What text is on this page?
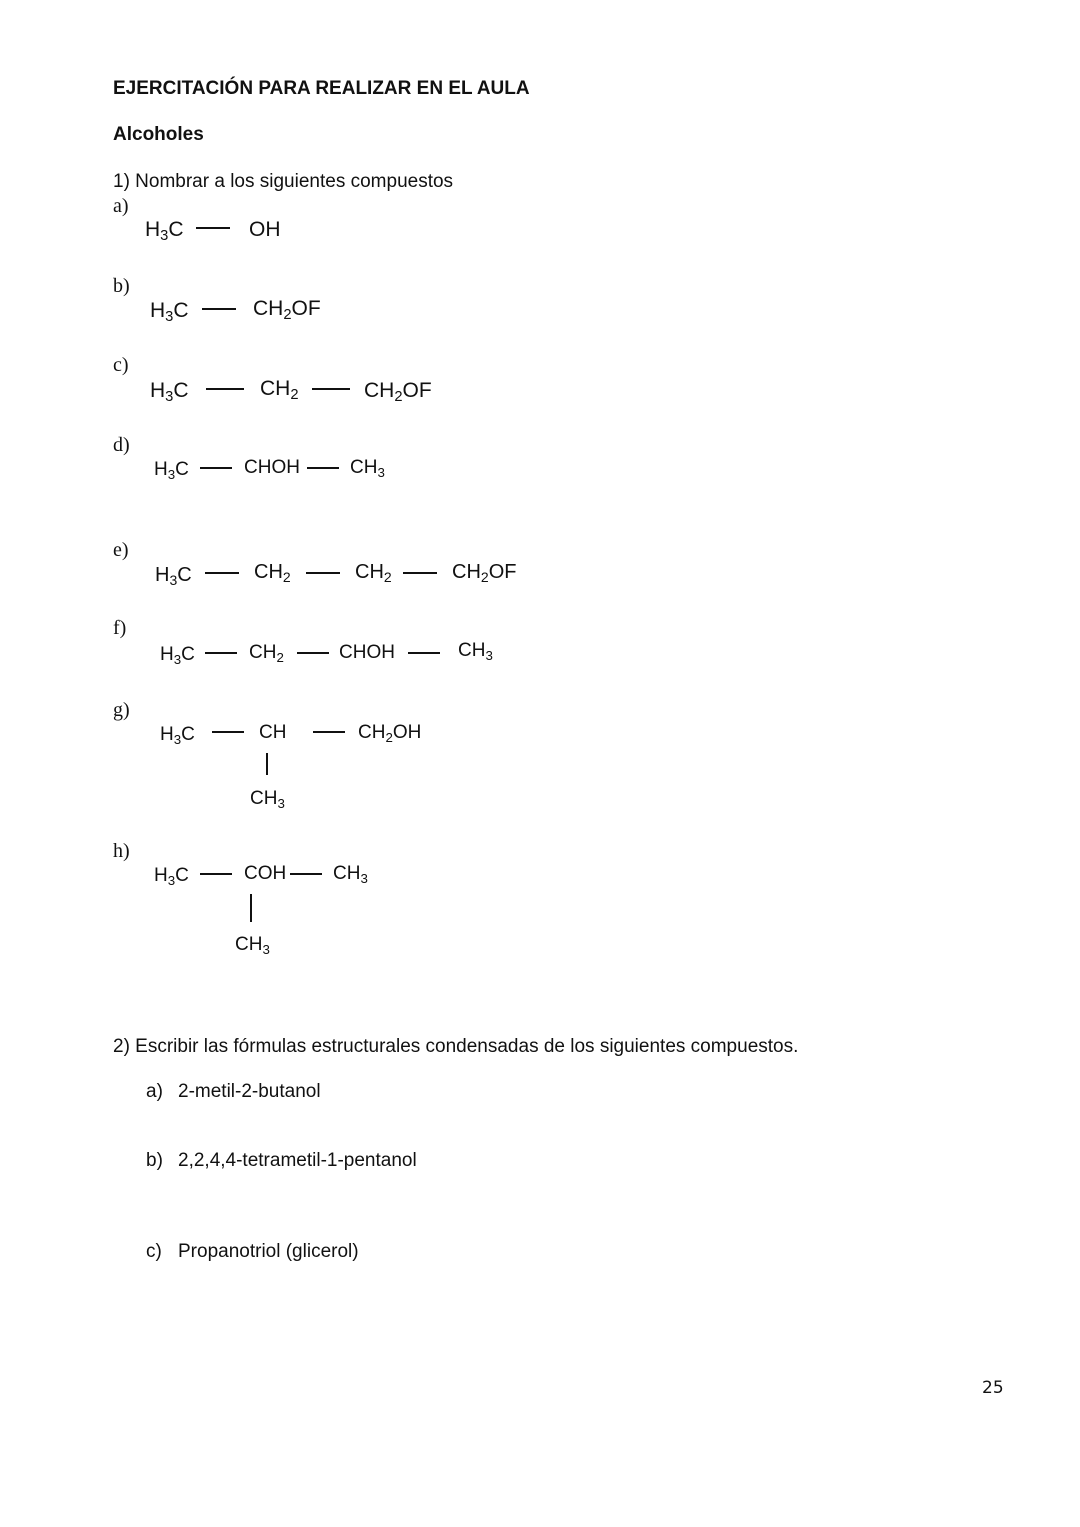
EJERCITACIÓN PARA REALIZAR EN EL AULA
Alcoholes
1) Nombrar a los siguientes compuestos
a)
$H_3C$	OH
b)
$H_3C$	$CH_2OF$
c)
$H_3C$	$CH_2$	$CH_2OF$
d)
$H_3C$	CHOH	$CH_3$
e)
$H_3C$	$CH_2$	$CH_2$	$CH_2OF$
f)
$H_3C$	$CH_2$	CHOH	$CH_3$
g)
$H_3C$	CH	$CH_2OH$
$CH_3$
h)
$H_3C$	COH $CH_3$
$CH_3$
2) Escribir las fórmulas estructurales condensadas de los siguientes compuestos.
a) 2-metil-2-butanol
b) 2,2,4,4-tetrametil-1-pentanol
c) Propanotriol (glicerol)
25
